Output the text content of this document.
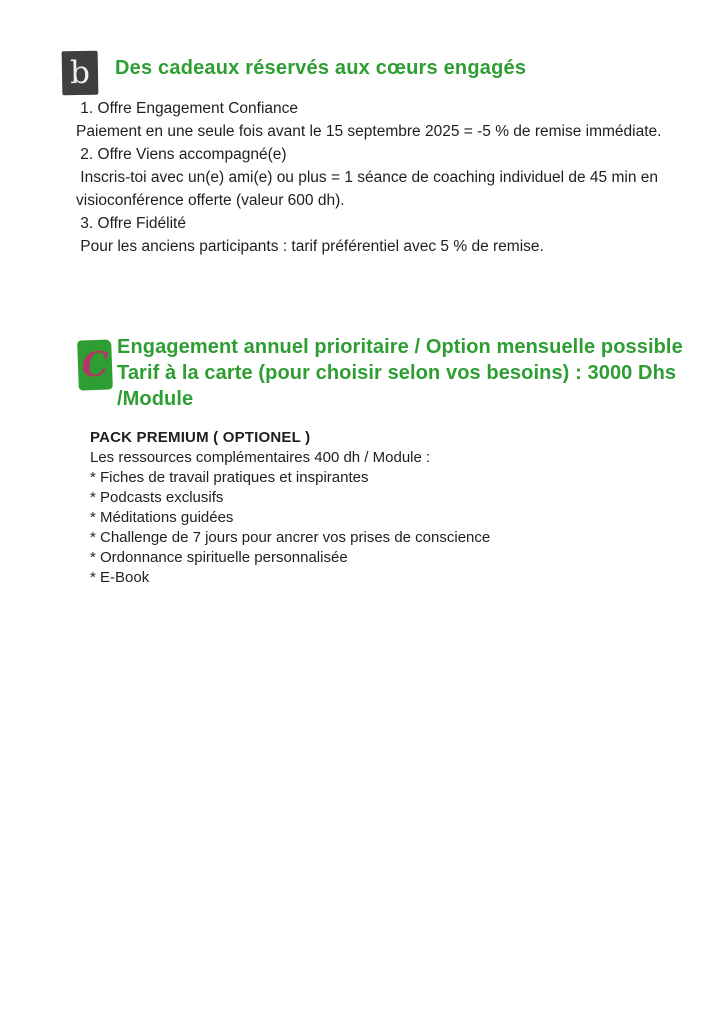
b	Des cadeaux réservés aux cœurs engagés
1. Offre Engagement Confiance
Paiement en une seule fois avant le 15 septembre 2025 = -5 % de remise immédiate.
2. Offre Viens accompagné(e)
Inscris-toi avec un(e) ami(e) ou plus = 1 séance de coaching individuel de 45 min en
visioconférence offerte (valeur 600 dh).
3. Offre Fidélité
Pour les anciens participants : tarif préférentiel avec 5 % de remise.
C Engagement annuel prioritaire / Option mensuelle possible
Tarif à la carte (pour choisir selon vos besoins) : 3000 Dhs /Module
PACK PREMIUM ( OPTIONEL )
Les ressources complémentaires 400 dh / Module :
* Fiches de travail pratiques et inspirantes
* Podcasts exclusifs
* Méditations guidées
* Challenge de 7 jours pour ancrer vos prises de conscience
* Ordonnance spirituelle personnalisée
* E-Book
